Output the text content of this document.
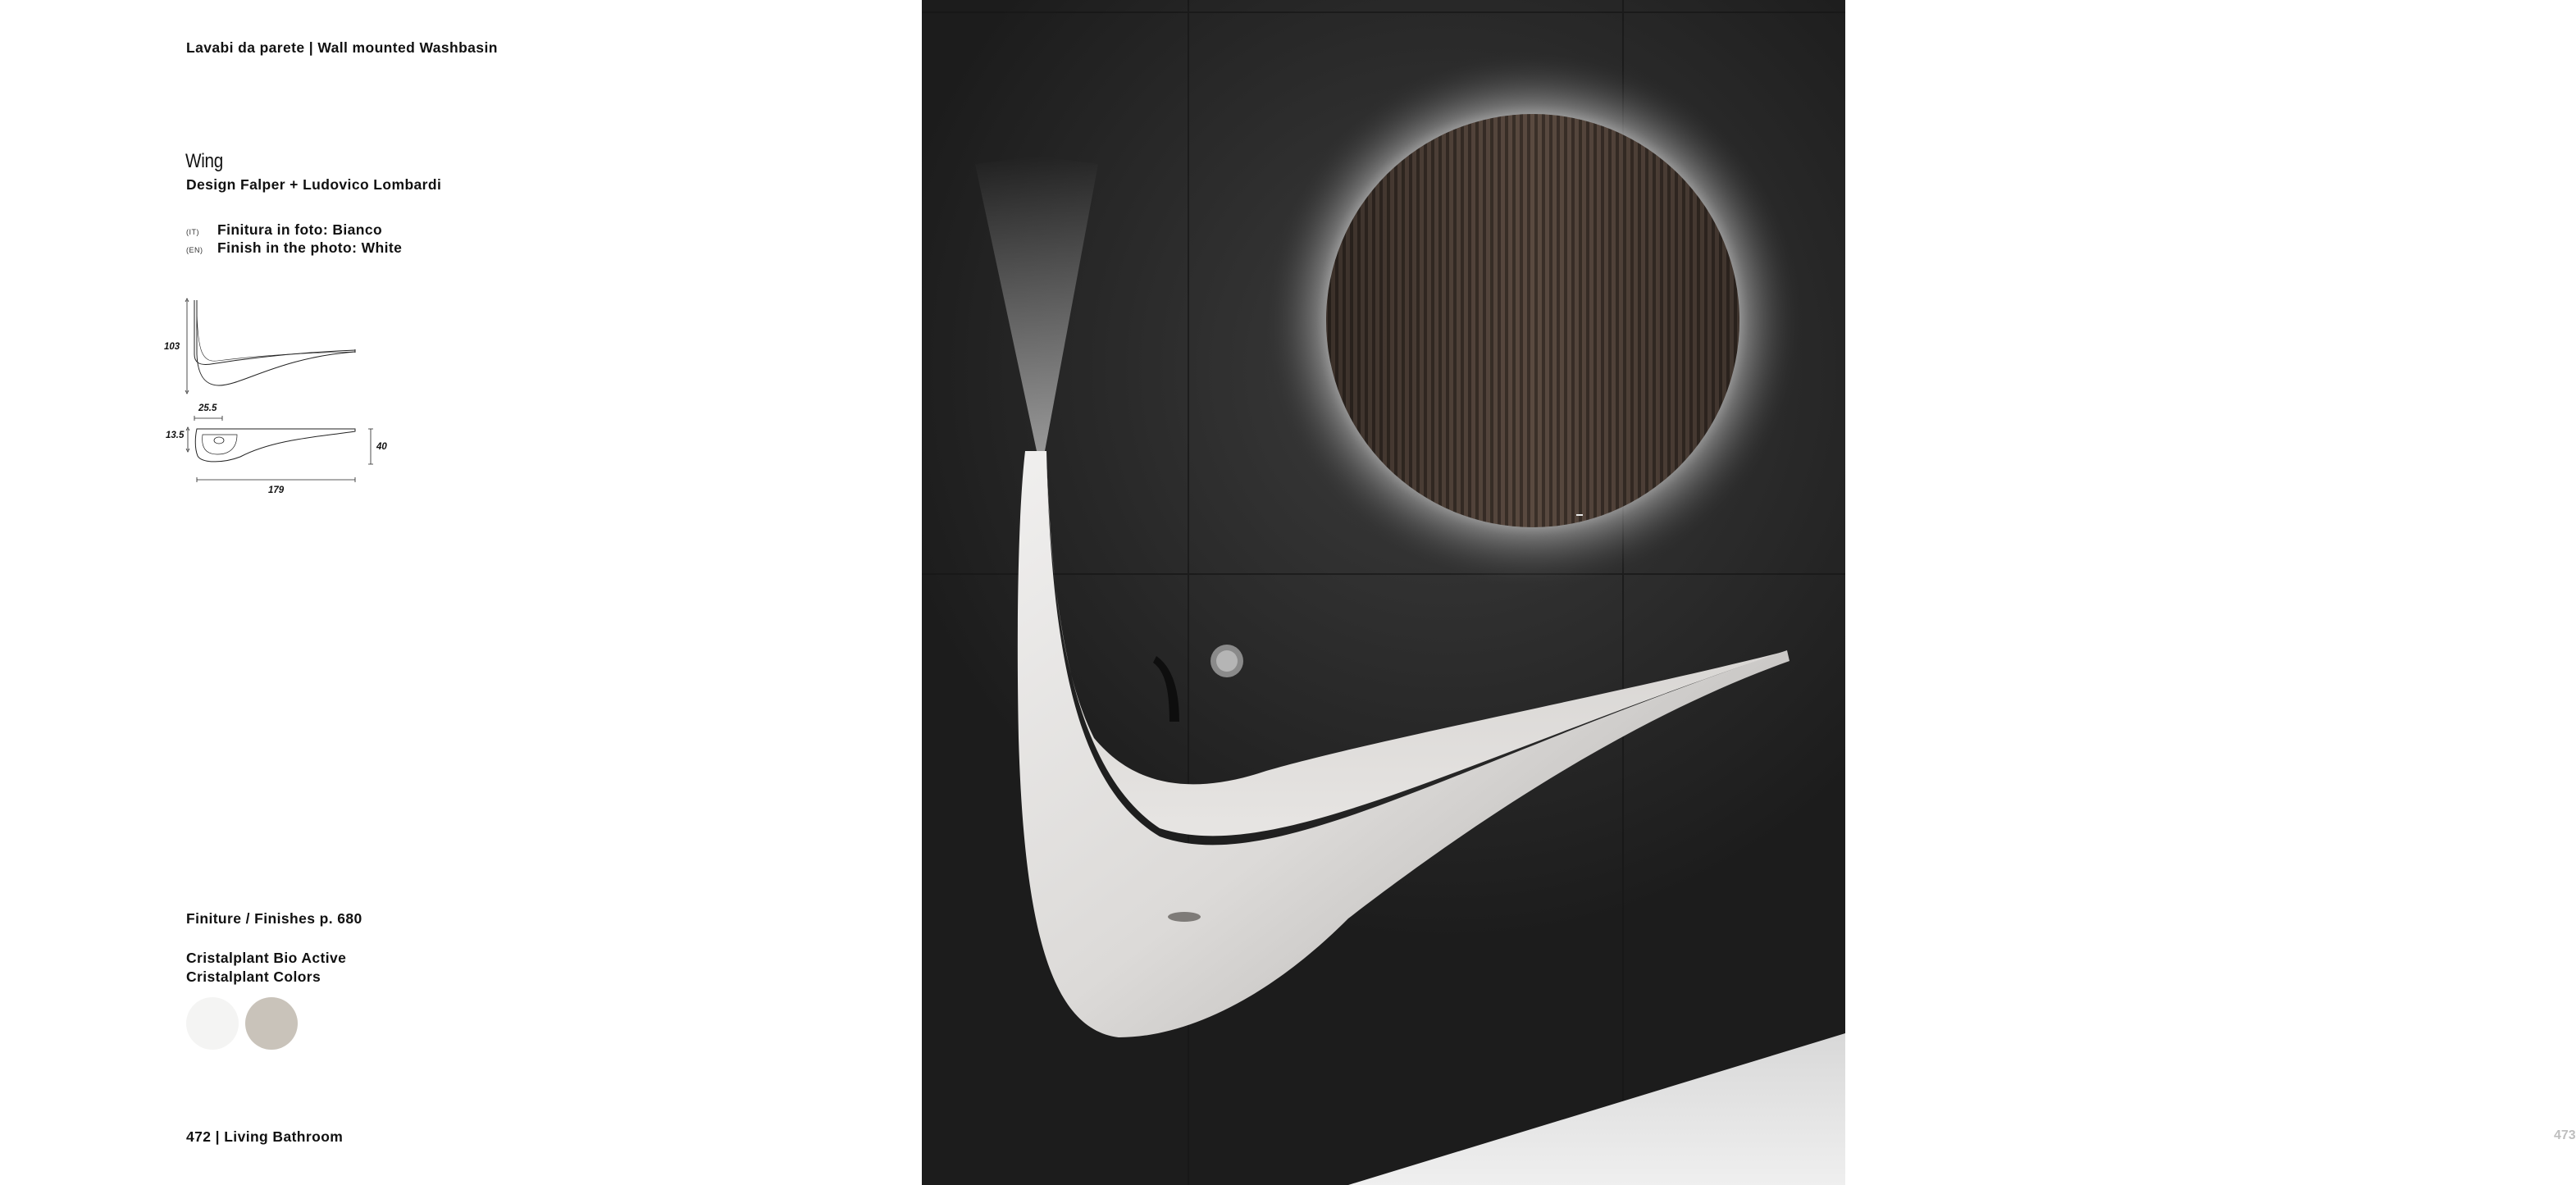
Lavabi da parete | Wall mounted Washbasin
Wing
Design Falper + Ludovico Lombardi
(IT)	Finitura in foto: Bianco
(EN)	Finish in the photo: White
103
25.5
13.5
40
179
Finiture / Finishes p. 680
Cristalplant Bio Active
Cristalplant Colors
472 | Living Bathroom	473
